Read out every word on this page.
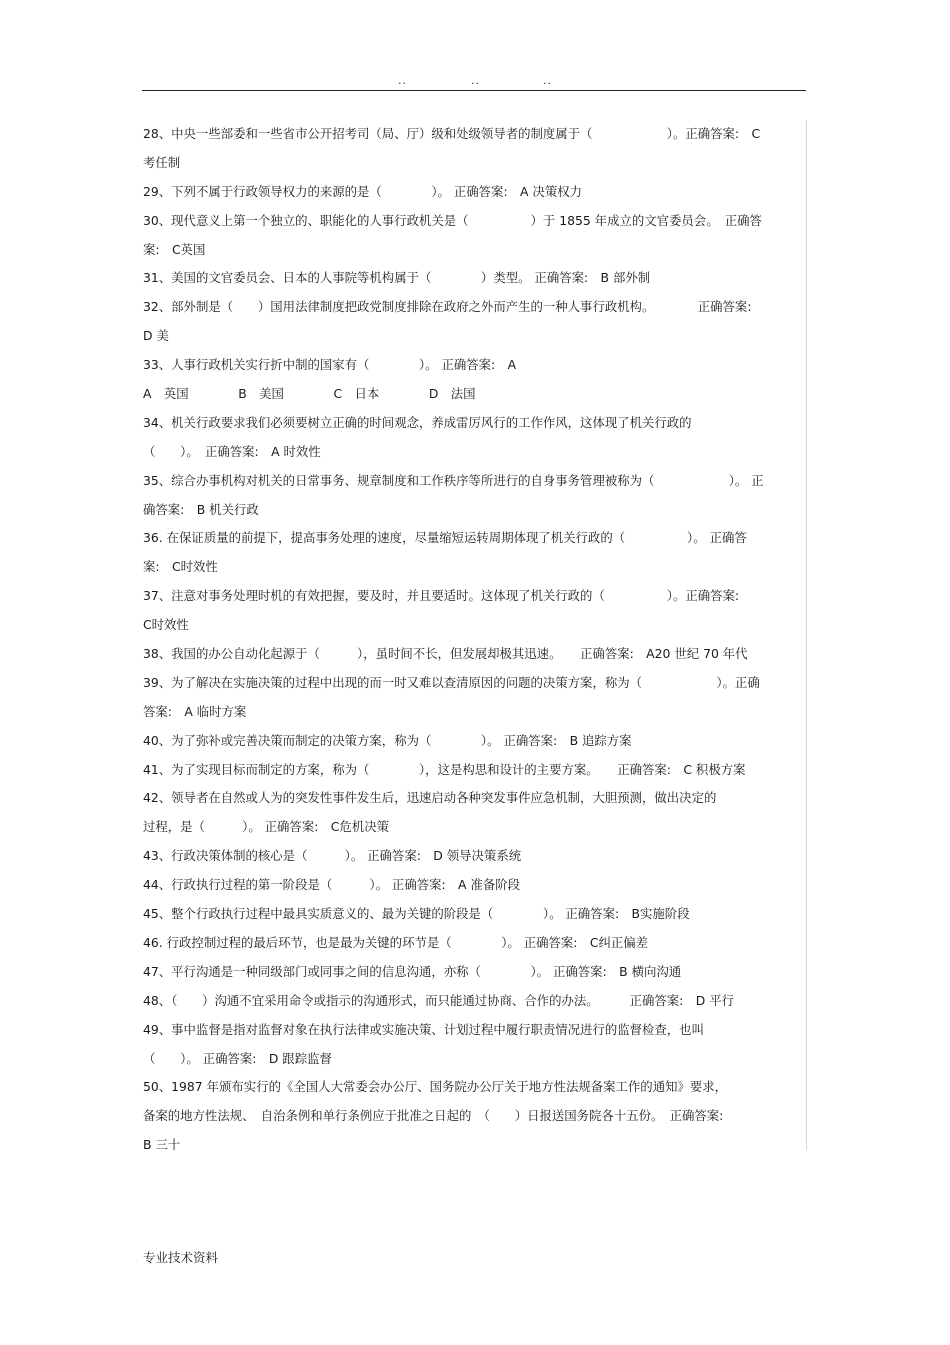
..	..	..
28、中央一些部委和一些省市公开招考司（局、厅）级和处级领导者的制度属于（　　　　　　）。正确答案:　C
考任制
29、下列不属于行政领导权力的来源的是（　　　　）。 正确答案:　A 决策权力
30、现代意义上第一个独立的、职能化的人事行政机关是（　　　　　）于 1855 年成立的文官委员会。　正确答
案:　C英国
31、美国的文官委员会、日本的人事院等机构属于（　　　　）类型。 正确答案:　B 部外制
32、部外制是（　　）国用法律制度把政党制度排除在政府之外而产生的一种人事行政机构。　　　　正确答案:
D 美
33、人事行政机关实行折中制的国家有（　　　　）。 正确答案:　A
A　英国　　　　B　美国　　　　C　日本　　　　D　法国
34、机关行政要求我们必须要树立正确的时间观念，养成雷厉风行的工作作风，这体现了机关行政的
（　　）。　正确答案:　A 时效性
35、综合办事机构对机关的日常事务、规章制度和工作秩序等所进行的自身事务管理被称为（　　　　　　）。 正
确答案:　B 机关行政
36. 在保证质量的前提下，提高事务处理的速度，尽量缩短运转周期体现了机关行政的（　　　　　）。 正确答
案:　C时效性
37、注意对事务处理时机的有效把握，要及时，并且要适时。这体现了机关行政的（　　　　　）。正确答案:
C时效性
38、我国的办公自动化起源于（　　　），虽时间不长，但发展却极其迅速。　　正确答案:　A20 世纪 70 年代
39、为了解决在实施决策的过程中出现的而一时又难以查清原因的问题的决策方案，称为（　　　　　　）。正确
答案:　A 临时方案
40、为了弥补或完善决策而制定的决策方案，称为（　　　　）。 正确答案:　B 追踪方案
41、为了实现目标而制定的方案，称为（　　　　），这是构思和设计的主要方案。　　正确答案:　C 积极方案
42、领导者在自然或人为的突发性事件发生后，迅速启动各种突发事件应急机制，大胆预测，做出决定的
过程，是（　　　）。 正确答案:　C危机决策
43、行政决策体制的核心是（　　　）。 正确答案:　D 领导决策系统
44、行政执行过程的第一阶段是（　　　）。 正确答案:　A 准备阶段
45、整个行政执行过程中最具实质意义的、最为关键的阶段是（　　　　）。 正确答案:　B实施阶段
46. 行政控制过程的最后环节，也是最为关键的环节是（　　　　）。 正确答案:　C纠正偏差
47、平行沟通是一种同级部门或同事之间的信息沟通，亦称（　　　　）。 正确答案:　B 横向沟通
48、（　　）沟通不宜采用命令或指示的沟通形式，而只能通过协商、合作的办法。　　　正确答案:　D 平行
49、事中监督是指对监督对象在执行法律或实施决策、计划过程中履行职责情况进行的监督检查，也叫
（　　）。 正确答案:　D 跟踪监督
50、1987 年颁布实行的《全国人大常委会办公厅、国务院办公厅关于地方性法规备案工作的通知》要求，
备案的地方性法规、　自治条例和单行条例应于批准之日起的　（　　）日报送国务院各十五份。　正确答案:
B 三十
专业技术资料
